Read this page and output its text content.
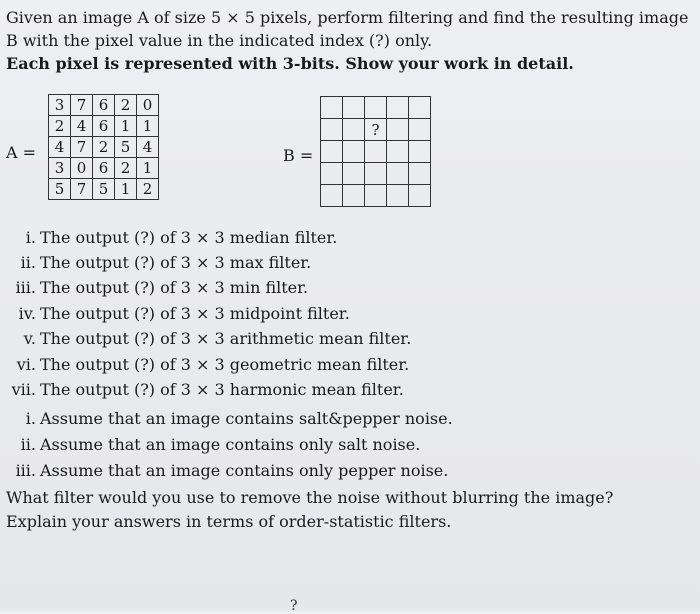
Given an image A of size 5 × 5 pixels, perform filtering and find the resulting image
B with the pixel value in the indicated index (?) only.
Each pixel is represented with 3-bits. Show your work in detail.
A =
3	7	6	2	0
2	4	6	1	1
4	7	2	5	4
3	0	6	2	1
5	7	5	1	2
B =

		?		

i. The output (?) of 3 × 3 median filter.
ii. The output (?) of 3 × 3 max filter.
iii. The output (?) of 3 × 3 min filter.
iv. The output (?) of 3 × 3 midpoint filter.
v. The output (?) of 3 × 3 arithmetic mean filter.
vi. The output (?) of 3 × 3 geometric mean filter.
vii. The output (?) of 3 × 3 harmonic mean filter.
i. Assume that an image contains salt&pepper noise.
ii. Assume that an image contains only salt noise.
iii. Assume that an image contains only pepper noise.
What filter would you use to remove the noise without blurring the image?
Explain your answers in terms of order-statistic filters.
?
